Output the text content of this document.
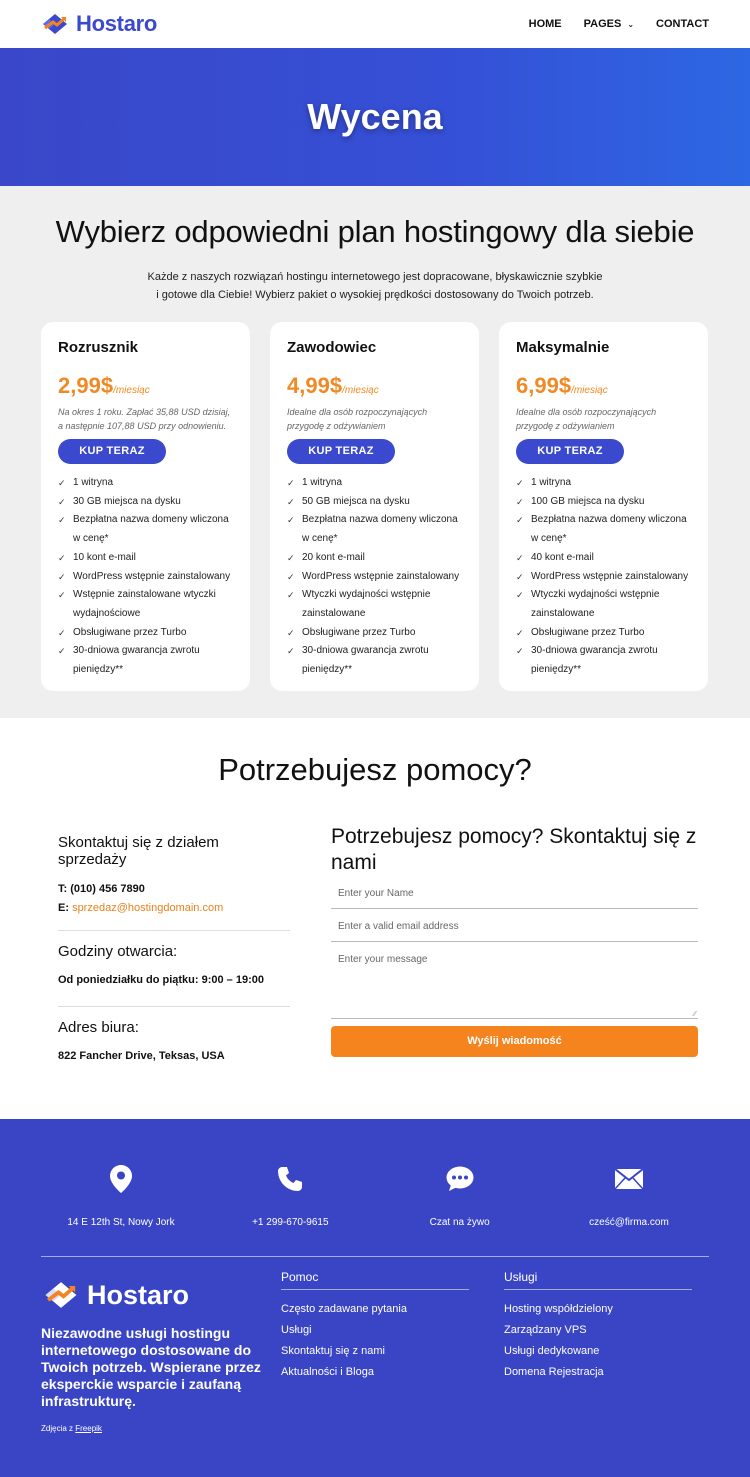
Hostaro	HOME PAGES ⌄ CONTACT
Wycena
Wybierz odpowiedni plan hostingowy dla siebie

Każde z naszych rozwiązań hostingu internetowego jest dopracowane, błyskawicznie szybkie
i gotowe dla Ciebie! Wybierz pakiet o wysokiej prędkości dostosowany do Twoich potrzeb.

Rozrusznik
2,99$ /miesiąc
Na okres 1 roku. Zapłać 35,88 USD dzisiaj, a następnie 107,88 USD przy odnowieniu.
KUP TERAZ
✓ 1 witryna
✓ 30 GB miejsca na dysku
✓ Bezpłatna nazwa domeny wliczona w cenę*
✓ 10 kont e-mail
✓ WordPress wstępnie zainstalowany
✓ Wstępnie zainstalowane wtyczki wydajnościowe
✓ Obsługiwane przez Turbo
✓ 30-dniowa gwarancja zwrotu pieniędzy**
Zawodowiec
4,99$ /miesiąc
Idealne dla osób rozpoczynających przygodę z odżywianiem
KUP TERAZ
✓ 1 witryna
✓ 50 GB miejsca na dysku
✓ Bezpłatna nazwa domeny wliczona w cenę*
✓ 20 kont e-mail
✓ WordPress wstępnie zainstalowany
✓ Wtyczki wydajności wstępnie zainstalowane
✓ Obsługiwane przez Turbo
✓ 30-dniowa gwarancja zwrotu pieniędzy**
Maksymalnie
6,99$ /miesiąc
Idealne dla osób rozpoczynających przygodę z odżywianiem
KUP TERAZ
✓ 1 witryna
✓ 100 GB miejsca na dysku
✓ Bezpłatna nazwa domeny wliczona w cenę*
✓ 40 kont e-mail
✓ WordPress wstępnie zainstalowany
✓ Wtyczki wydajności wstępnie zainstalowane
✓ Obsługiwane przez Turbo
✓ 30-dniowa gwarancja zwrotu pieniędzy**
Potrzebujesz pomocy?
Skontaktuj się z działem sprzedaży
T: (010) 456 7890
E: sprzedaz@hostingdomain.com
Godziny otwarcia:
Od poniedziałku do piątku: 9:00 – 19:00
Adres biura:
822 Fancher Drive, Teksas, USA
Potrzebujesz pomocy? Skontaktuj się z nami
Enter your Name
Enter a valid email address
Enter your message ⁄⁄
Wyślij wiadomość
14 E 12th St, Nowy Jork	+1 299-670-9615	Czat na żywo	cześć@firma.com
Hostaro
Niezawodne usługi hostingu internetowego dostosowane do Twoich potrzeb. Wspierane przez eksperckie wsparcie i zaufaną infrastrukturę.
Zdjęcia z Freepik
Pomoc
Często zadawane pytania
Usługi
Skontaktuj się z nami
Aktualności i Bloga
Usługi
Hosting współdzielony
Zarządzany VPS
Usługi dedykowane
Domena Rejestracja
